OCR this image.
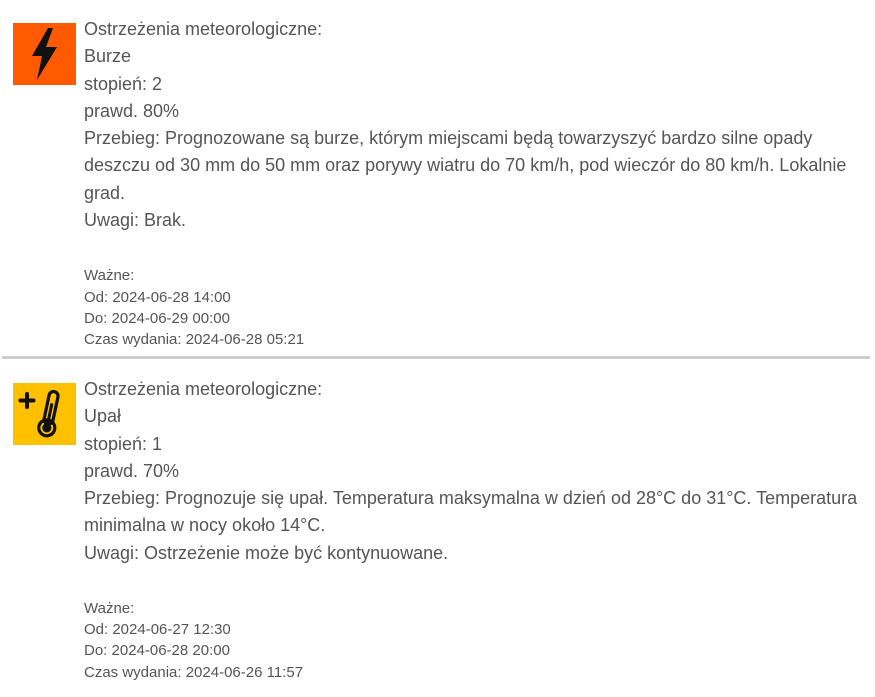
Ostrzeżenia meteorologiczne:

Burze

stopień: 2

prawd. 80%

Przebieg: Prognozowane są burze, którym miejscami będą towarzyszyć bardzo silne opady deszczu od 30 mm do 50 mm oraz porywy wiatru do 70 km/h, pod wieczór do 80 km/h. Lokalnie grad.

Uwagi: Brak.

Ważne:

Od: 2024-06-28 14:00

Do: 2024-06-29 00:00

Czas wydania: 2024-06-28 05:21

Ostrzeżenia meteorologiczne:

Upał

stopień: 1

prawd. 70%

Przebieg: Prognozuje się upał. Temperatura maksymalna w dzień od 28°C do 31°C. Temperatura minimalna w nocy około 14°C.

Uwagi: Ostrzeżenie może być kontynuowane.

Ważne:

Od: 2024-06-27 12:30

Do: 2024-06-28 20:00

Czas wydania: 2024-06-26 11:57
